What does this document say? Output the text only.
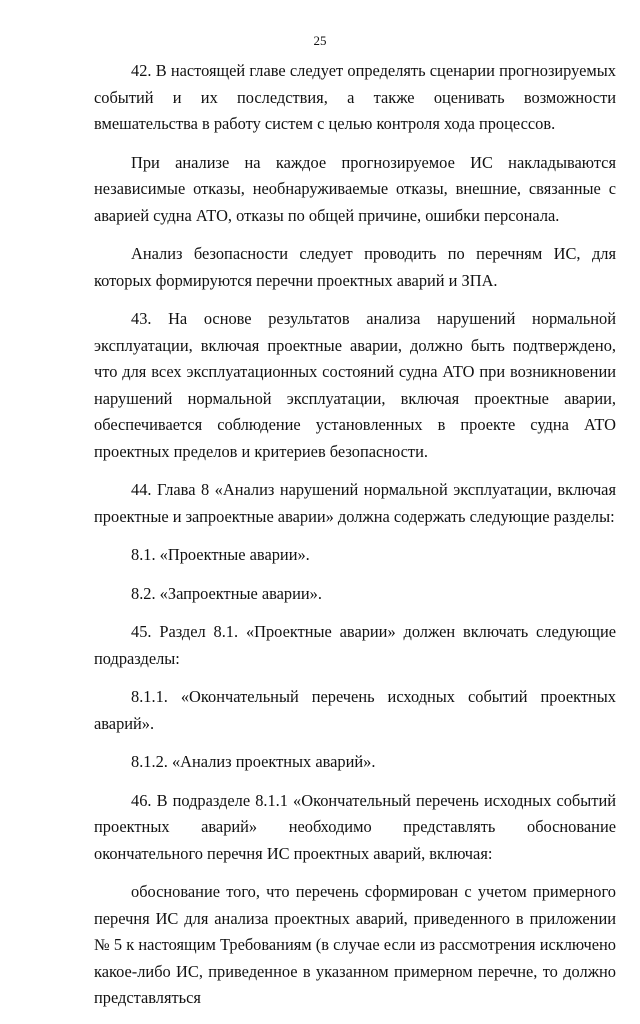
25

42. В настоящей главе следует определять сценарии прогнозируемых событий и их последствия, а также оценивать возможности вмешательства в работу систем с целью контроля хода процессов.

При анализе на каждое прогнозируемое ИС накладываются независимые отказы, необнаруживаемые отказы, внешние, связанные с аварией судна АТО, отказы по общей причине, ошибки персонала.

Анализ безопасности следует проводить по перечням ИС, для которых формируются перечни проектных аварий и ЗПА.

43. На основе результатов анализа нарушений нормальной эксплуатации, включая проектные аварии, должно быть подтверждено, что для всех эксплуатационных состояний судна АТО при возникновении нарушений нормальной эксплуатации, включая проектные аварии, обеспечивается соблюдение установленных в проекте судна АТО проектных пределов и критериев безопасности.

44. Глава 8 «Анализ нарушений нормальной эксплуатации, включая проектные и запроектные аварии» должна содержать следующие разделы:

8.1. «Проектные аварии».

8.2. «Запроектные аварии».

45. Раздел 8.1. «Проектные аварии» должен включать следующие подразделы:

8.1.1. «Окончательный перечень исходных событий проектных аварий».

8.1.2. «Анализ проектных аварий».

46. В подразделе 8.1.1 «Окончательный перечень исходных событий проектных аварий» необходимо представлять обоснование окончательного перечня ИС проектных аварий, включая:

обоснование того, что перечень сформирован с учетом примерного перечня ИС для анализа проектных аварий, приведенного в приложении № 5 к настоящим Требованиям (в случае если из рассмотрения исключено какое-либо ИС, приведенное в указанном примерном перечне, то должно представляться
